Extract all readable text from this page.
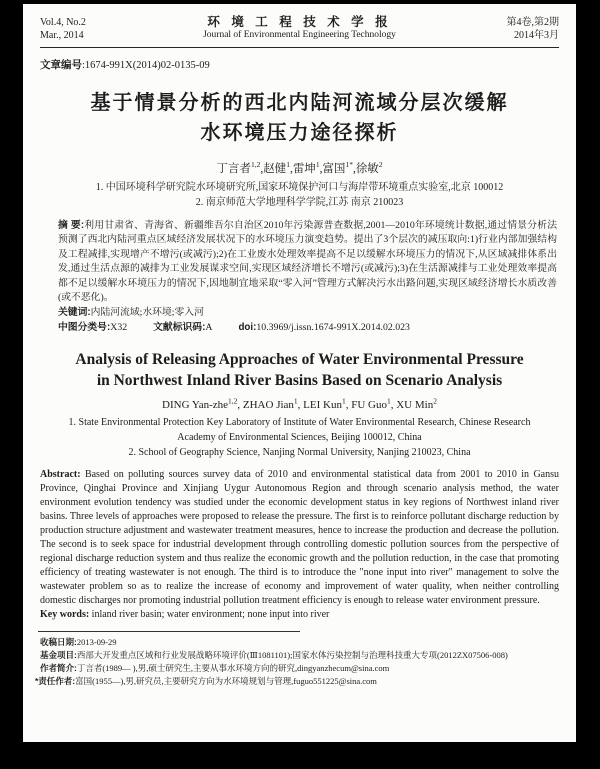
Vol.4, No.2
Mar., 2014
环 境 工 程 技 术 学 报
Journal of Environmental Engineering Technology
第4卷,第2期
2014年3月

文章编号:1674-991X(2014)02-0135-09

基于情景分析的西北内陆河流域分层次缓解
水环境压力途径探析
丁言者$^{1,2}$,赵健$^1$,雷坤$^1$,富国$^{1*}$,徐敏$^2$
1. 中国环境科学研究院水环境研究所,国家环境保护河口与海岸带环境重点实验室,北京 100012
2. 南京师范大学地理科学学院,江苏 南京 210023

摘 要:利用甘肃省、青海省、新疆维吾尔自治区2010年污染源普查数据,2001—2010年环境统计数据,通过情景分析法预测了西北内陆河重点区域经济发展状况下的水环境压力演变趋势。提出了3个层次的减压取向:1)行业内部加强结构及工程减排,实现增产不增污(或减污);2)在工业废水处理效率提高不足以缓解水环境压力的情况下,从区域减排体系出发,通过生活点源的减排为工业发展谋求空间,实现区域经济增长不增污(或减污);3)在生活源减排与工业处理效率提高都不足以缓解水环境压力的情况下,因地制宜地采取“零入河”管理方式解决污水出路问题,实现区域经济增长水质改善(或不恶化)。

关键词:内陆河流域;水环境;零入河

中图分类号:X32	文献标识码:A	doi:10.3969/j.issn.1674-991X.2014.02.023
Analysis of Releasing Approaches of Water Environmental Pressure
in Northwest Inland River Basins Based on Scenario Analysis
DING Yan-zhe$^{1,2}$, ZHAO Jian$^1$, LEI Kun$^1$, FU Guo$^1$, XU Min$^2$
1. State Environmental Protection Key Laboratory of Institute of Water Environmental Research, Chinese Research
Academy of Environmental Sciences, Beijing 100012, China
2. School of Geography Science, Nanjing Normal University, Nanjing 210023, China

Abstract: Based on polluting sources survey data of 2010 and environmental statistical data from 2001 to 2010 in Gansu Province, Qinghai Province and Xinjiang Uygur Autonomous Region and through scenario analysis method, the water environment evolution tendency was studied under the economic development status in key regions of Northwest inland river basins. Three levels of approaches were proposed to release the pressure. The first is to reinforce pollutant discharge reduction by production structure adjustment and wastewater treatment measures, hence to increase the production and decrease the pollution. The second is to seek space for industrial development through controlling domestic pollution sources from the perspective of regional discharge reduction system and thus realize the economic growth and the pollution reduction, in the case that promoting efficiency of treating wastewater is not enough. The third is to introduce the "none input into river" management to solve the wastewater problem so as to realize the increase of economy and improvement of water quality, when neither controlling domestic discharges nor promoting industrial pollution treatment efficiency is enough to release water environment pressure.

Key words: inland river basin; water environment; none input into river

收稿日期:2013-09-29

基金项目:西部大开发重点区域和行业发展战略环境评价(Ⅲ1081101);国家水体污染控制与治理科技重大专项(2012ZX07506-008)

作者简介:丁言者(1989— ),男,硕士研究生,主要从事水环境方向的研究,dingyanzhecum@sina.com

*责任作者:富国(1955—),男,研究员,主要研究方向为水环境规划与管理,fuguo551225@sina.com
